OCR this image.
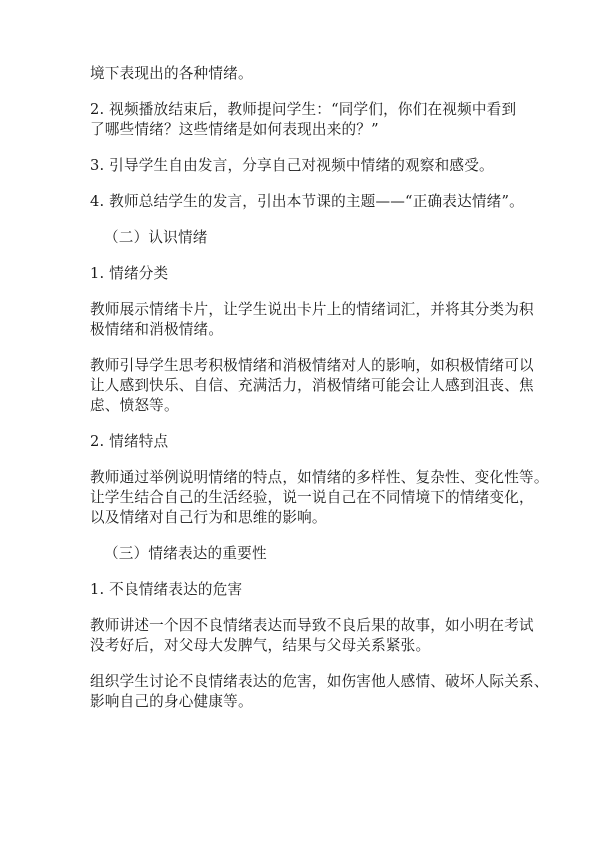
境下表现出的各种情绪。
2. 视频播放结束后，教师提问学生：“同学们，你们在视频中看到
了哪些情绪？这些情绪是如何表现出来的？”
3. 引导学生自由发言，分享自己对视频中情绪的观察和感受。
4. 教师总结学生的发言，引出本节课的主题——“正确表达情绪”。
（二）认识情绪
1. 情绪分类
教师展示情绪卡片，让学生说出卡片上的情绪词汇，并将其分类为积
极情绪和消极情绪。
教师引导学生思考积极情绪和消极情绪对人的影响，如积极情绪可以
让人感到快乐、自信、充满活力，消极情绪可能会让人感到沮丧、焦
虑、愤怒等。
2. 情绪特点
教师通过举例说明情绪的特点，如情绪的多样性、复杂性、变化性等。
让学生结合自己的生活经验，说一说自己在不同情境下的情绪变化，
以及情绪对自己行为和思维的影响。
（三）情绪表达的重要性
1. 不良情绪表达的危害
教师讲述一个因不良情绪表达而导致不良后果的故事，如小明在考试
没考好后，对父母大发脾气，结果与父母关系紧张。
组织学生讨论不良情绪表达的危害，如伤害他人感情、破坏人际关系、
影响自己的身心健康等。
